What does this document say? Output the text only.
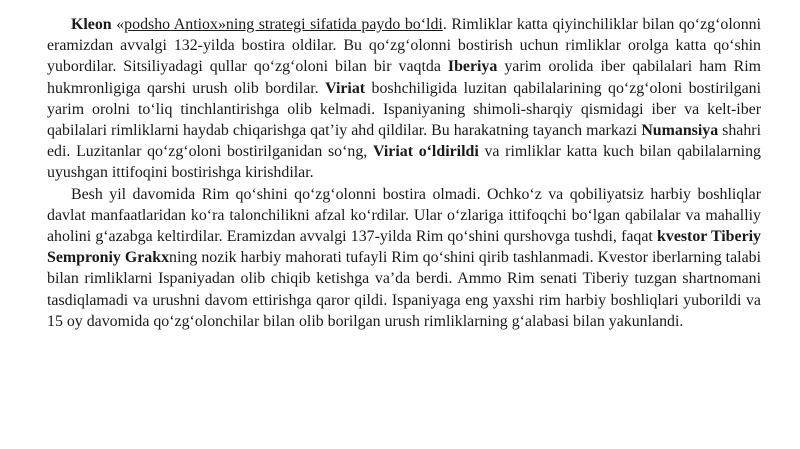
Kleon «podsho Antiox»ning strategi sifatida paydo bo‘ldi. Rimliklar katta qiyinchiliklar bilan qo‘zg‘olonni eramizdan avvalgi 132-yilda bostira oldilar. Bu qo‘zg‘olonni bostirish uchun rimliklar orolga katta qo‘shin yubordilar. Sitsiliyadagi qullar qo‘zg‘oloni bilan bir vaqtda Iberiya yarim orolida iber qabilalari ham Rim hukmronligiga qarshi urush olib bordilar. Viriat boshchiligida luzitan qabilalarining qo‘zg‘oloni bostirilgani yarim orolni to‘liq tinchlantirishga olib kelmadi. Ispaniyaning shimoli-sharqiy qismidagi iber va kelt-iber qabilalari rimliklarni haydab chiqarishga qat’iy ahd qildilar. Bu harakatning tayanch markazi Numansiya shahri edi. Luzitanlar qo‘zg‘oloni bostirilganidan so‘ng, Viriat o‘ldirildi va rimliklar katta kuch bilan qabilalarning uyushgan ittifoqini bostirishga kirishdilar.

Besh yil davomida Rim qo‘shini qo‘zg‘olonni bostira olmadi. Ochko‘z va qobiliyatsiz harbiy boshliqlar davlat manfaatlaridan ko‘ra talonchilikni afzal ko‘rdilar. Ular o‘zlariga ittifoqchi bo‘lgan qabilalar va mahalliy aholini g‘azabga keltirdilar. Eramizdan avvalgi 137-yilda Rim qo‘shini qurshovga tushdi, faqat kvestor Tiberiy Semproniy Grakxning nozik harbiy mahorati tufayli Rim qo‘shini qirib tashlanmadi. Kvestor iberlarning talabi bilan rimliklarni Ispaniyadan olib chiqib ketishga va’da berdi. Ammo Rim senati Tiberiy tuzgan shartnomani tasdiqlamadi va urushni davom ettirishga qaror qildi. Ispaniyaga eng yaxshi rim harbiy boshliqlari yuborildi va 15 oy davomida qo‘zg‘olonchilar bilan olib borilgan urush rimliklarning g‘alabasi bilan yakunlandi.
